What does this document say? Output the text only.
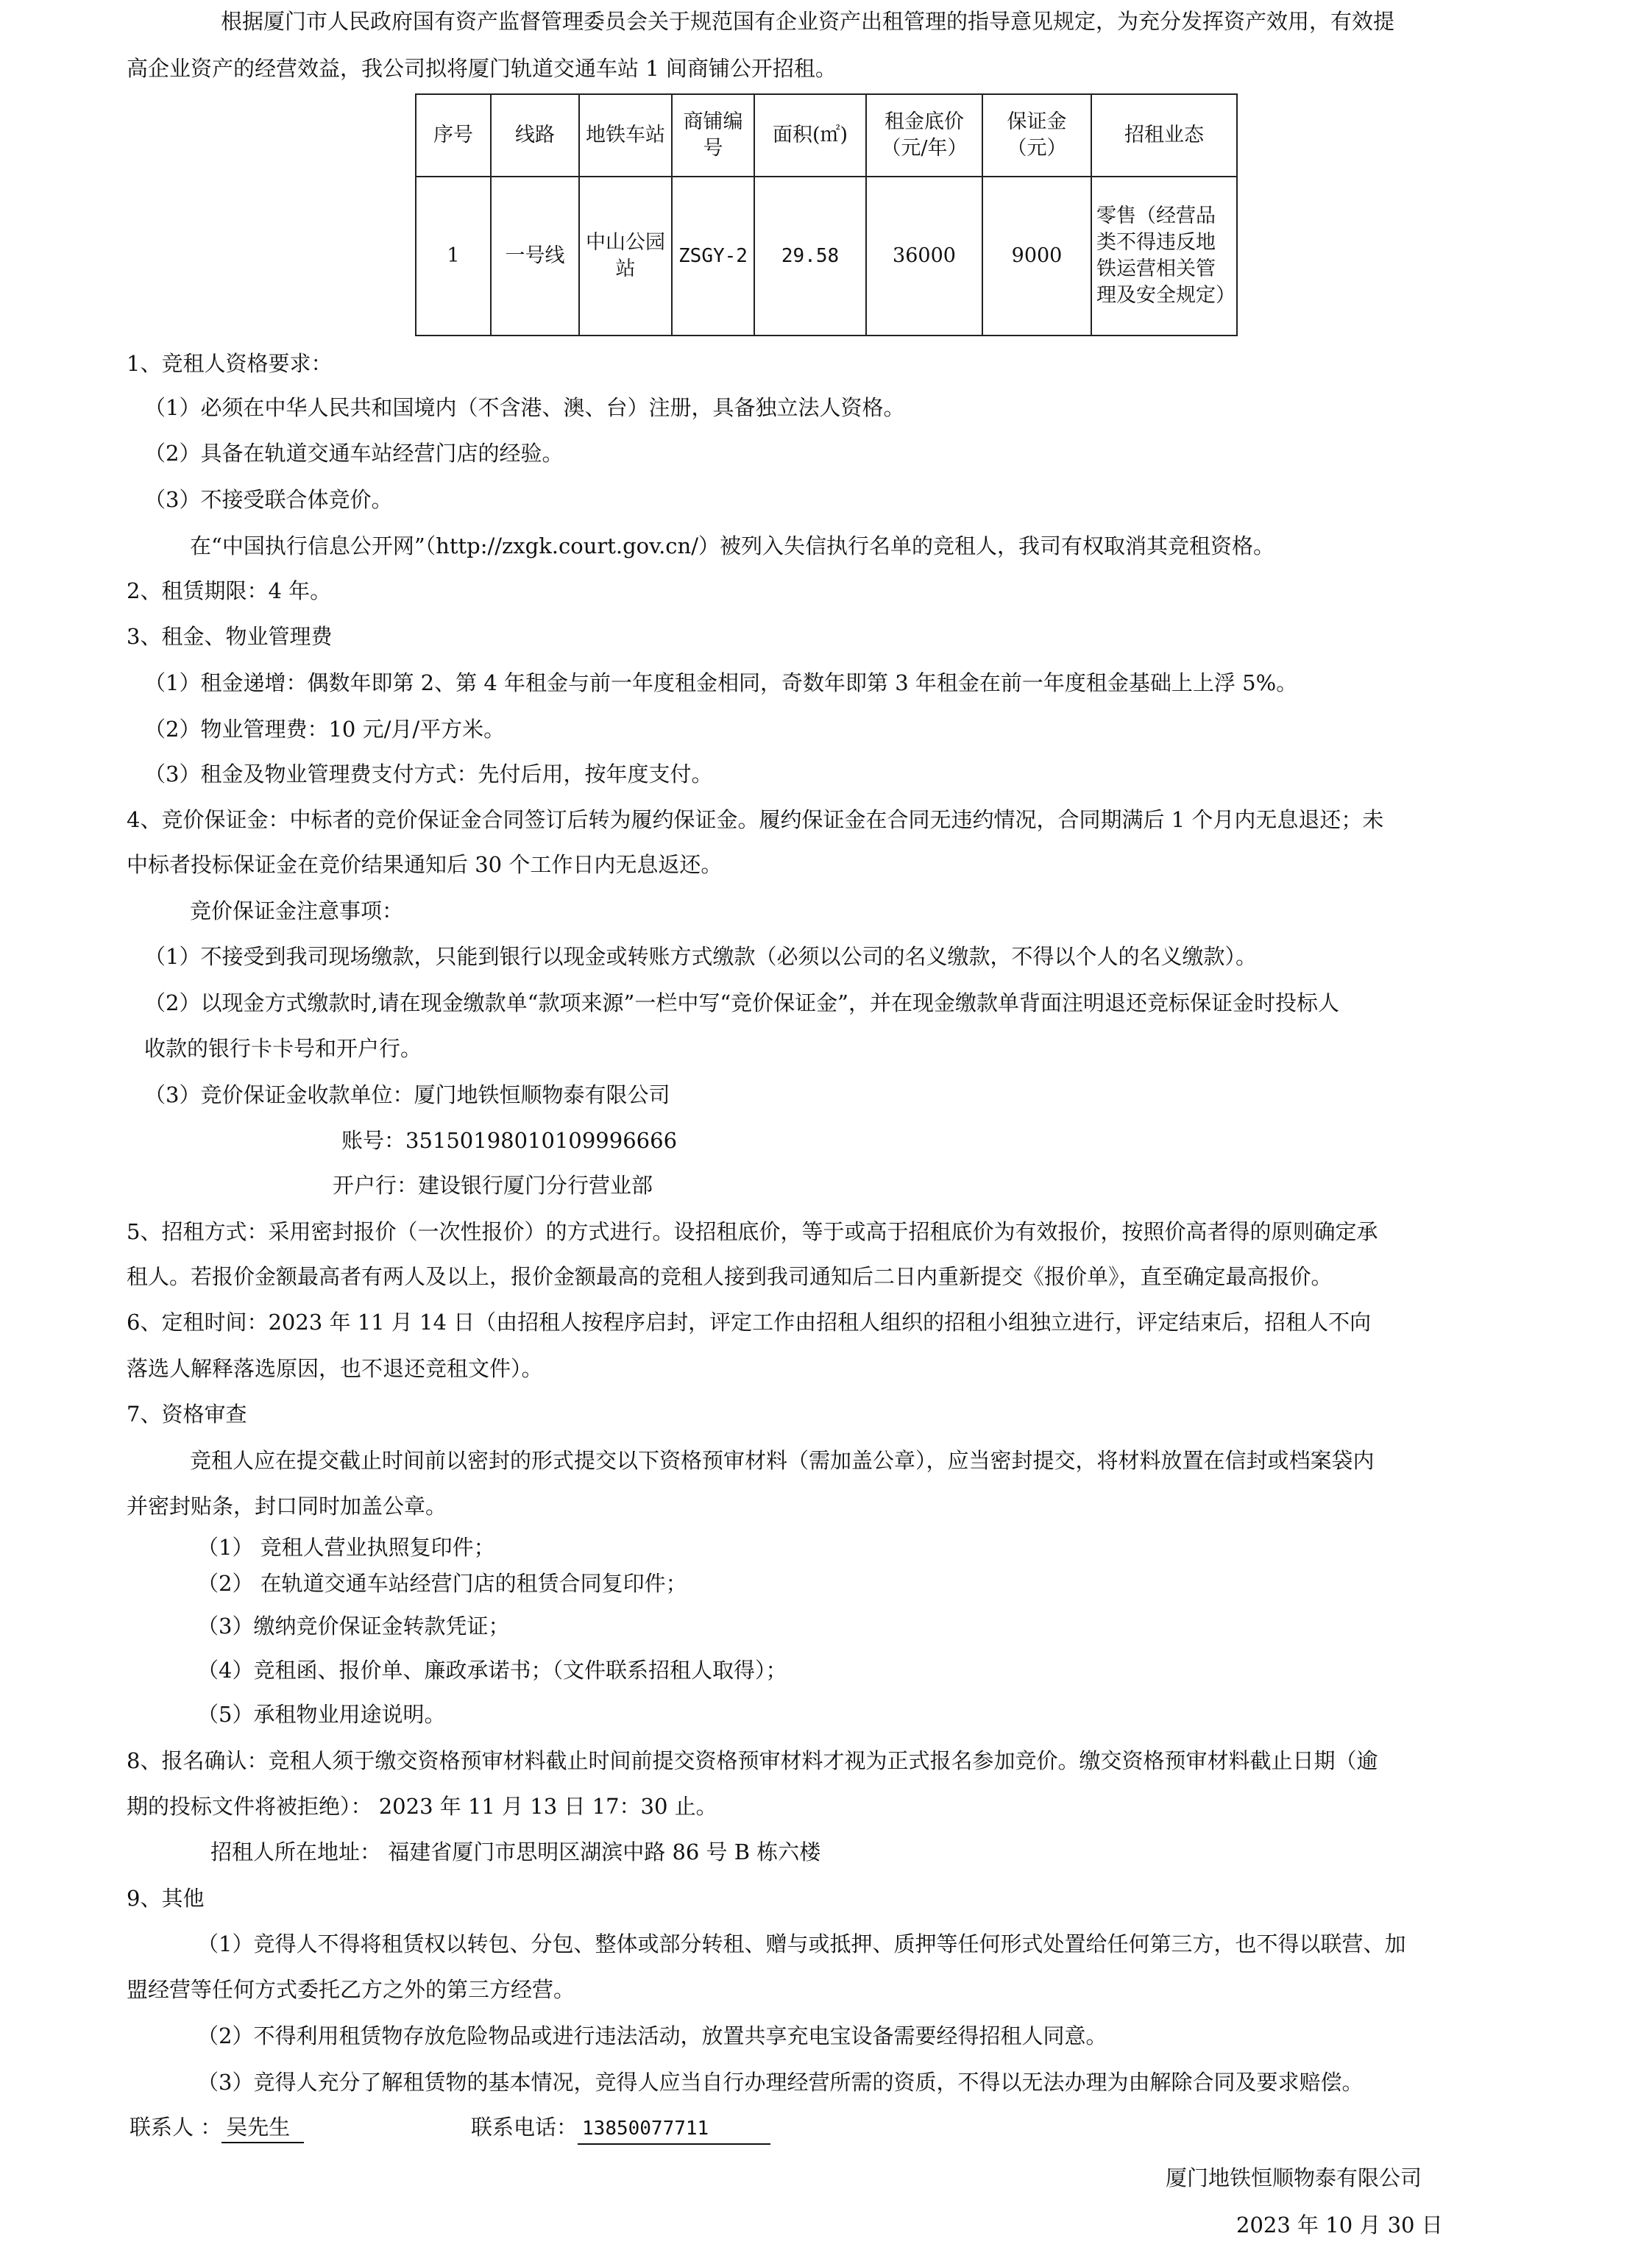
根据厦门市人民政府国有资产监督管理委员会关于规范国有企业资产出租管理的指导意见规定，为充分发挥资产效用，有效提
高企业资产的经营效益，我公司拟将厦门轨道交通车站 1 间商铺公开招租。
序号	线路	地铁车站	商铺编号	面积(㎡)	租金底价（元/年）	保证金（元）	招租业态
1	一号线	中山公园站	ZSGY-2	29.58	36000	9000	零售（经营品类不得违反地铁运营相关管理及安全规定）
1、竞租人资格要求：
（1）必须在中华人民共和国境内（不含港、澳、台）注册，具备独立法人资格。
（2）具备在轨道交通车站经营门店的经验。
（3）不接受联合体竞价。
在“中国执行信息公开网”（http://zxgk.court.gov.cn/）被列入失信执行名单的竞租人，我司有权取消其竞租资格。
2、租赁期限：4 年。
3、租金、物业管理费
（1）租金递增：偶数年即第 2、第 4 年租金与前一年度租金相同，奇数年即第 3 年租金在前一年度租金基础上上浮 5%。
（2）物业管理费：10 元/月/平方米。
（3）租金及物业管理费支付方式：先付后用，按年度支付。
4、竞价保证金：中标者的竞价保证金合同签订后转为履约保证金。履约保证金在合同无违约情况，合同期满后 1 个月内无息退还；未
中标者投标保证金在竞价结果通知后 30 个工作日内无息返还。
竞价保证金注意事项：
（1）不接受到我司现场缴款，只能到银行以现金或转账方式缴款（必须以公司的名义缴款，不得以个人的名义缴款）。
（2）以现金方式缴款时,请在现金缴款单“款项来源”一栏中写“竞价保证金”，并在现金缴款单背面注明退还竞标保证金时投标人
收款的银行卡卡号和开户行。
（3）竞价保证金收款单位：厦门地铁恒顺物泰有限公司
账号：35150198010109996666
开户行：建设银行厦门分行营业部
5、招租方式：采用密封报价（一次性报价）的方式进行。设招租底价，等于或高于招租底价为有效报价，按照价高者得的原则确定承
租人。若报价金额最高者有两人及以上，报价金额最高的竞租人接到我司通知后二日内重新提交《报价单》，直至确定最高报价。
6、定租时间：2023 年 11 月 14 日（由招租人按程序启封，评定工作由招租人组织的招租小组独立进行，评定结束后，招租人不向
落选人解释落选原因，也不退还竞租文件）。
7、资格审查
竞租人应在提交截止时间前以密封的形式提交以下资格预审材料（需加盖公章），应当密封提交，将材料放置在信封或档案袋内
并密封贴条，封口同时加盖公章。
（1） 竞租人营业执照复印件；
（2） 在轨道交通车站经营门店的租赁合同复印件；
（3）缴纳竞价保证金转款凭证；
（4）竞租函、报价单、廉政承诺书；（文件联系招租人取得）；
（5）承租物业用途说明。
8、报名确认：竞租人须于缴交资格预审材料截止时间前提交资格预审材料才视为正式报名参加竞价。缴交资格预审材料截止日期（逾
期的投标文件将被拒绝）： 2023 年 11 月 13 日 17：30 止。
招租人所在地址： 福建省厦门市思明区湖滨中路 86 号 B 栋六楼
9、其他
（1）竞得人不得将租赁权以转包、分包、整体或部分转租、赠与或抵押、质押等任何形式处置给任何第三方，也不得以联营、加
盟经营等任何方式委托乙方之外的第三方经营。
（2）不得利用租赁物存放危险物品或进行违法活动，放置共享充电宝设备需要经得招租人同意。
（3）竞得人充分了解租赁物的基本情况，竞得人应当自行办理经营所需的资质，不得以无法办理为由解除合同及要求赔偿。
联系人 ： 吴先生	联系电话： 13850077711
厦门地铁恒顺物泰有限公司
2023 年 10 月 30 日
